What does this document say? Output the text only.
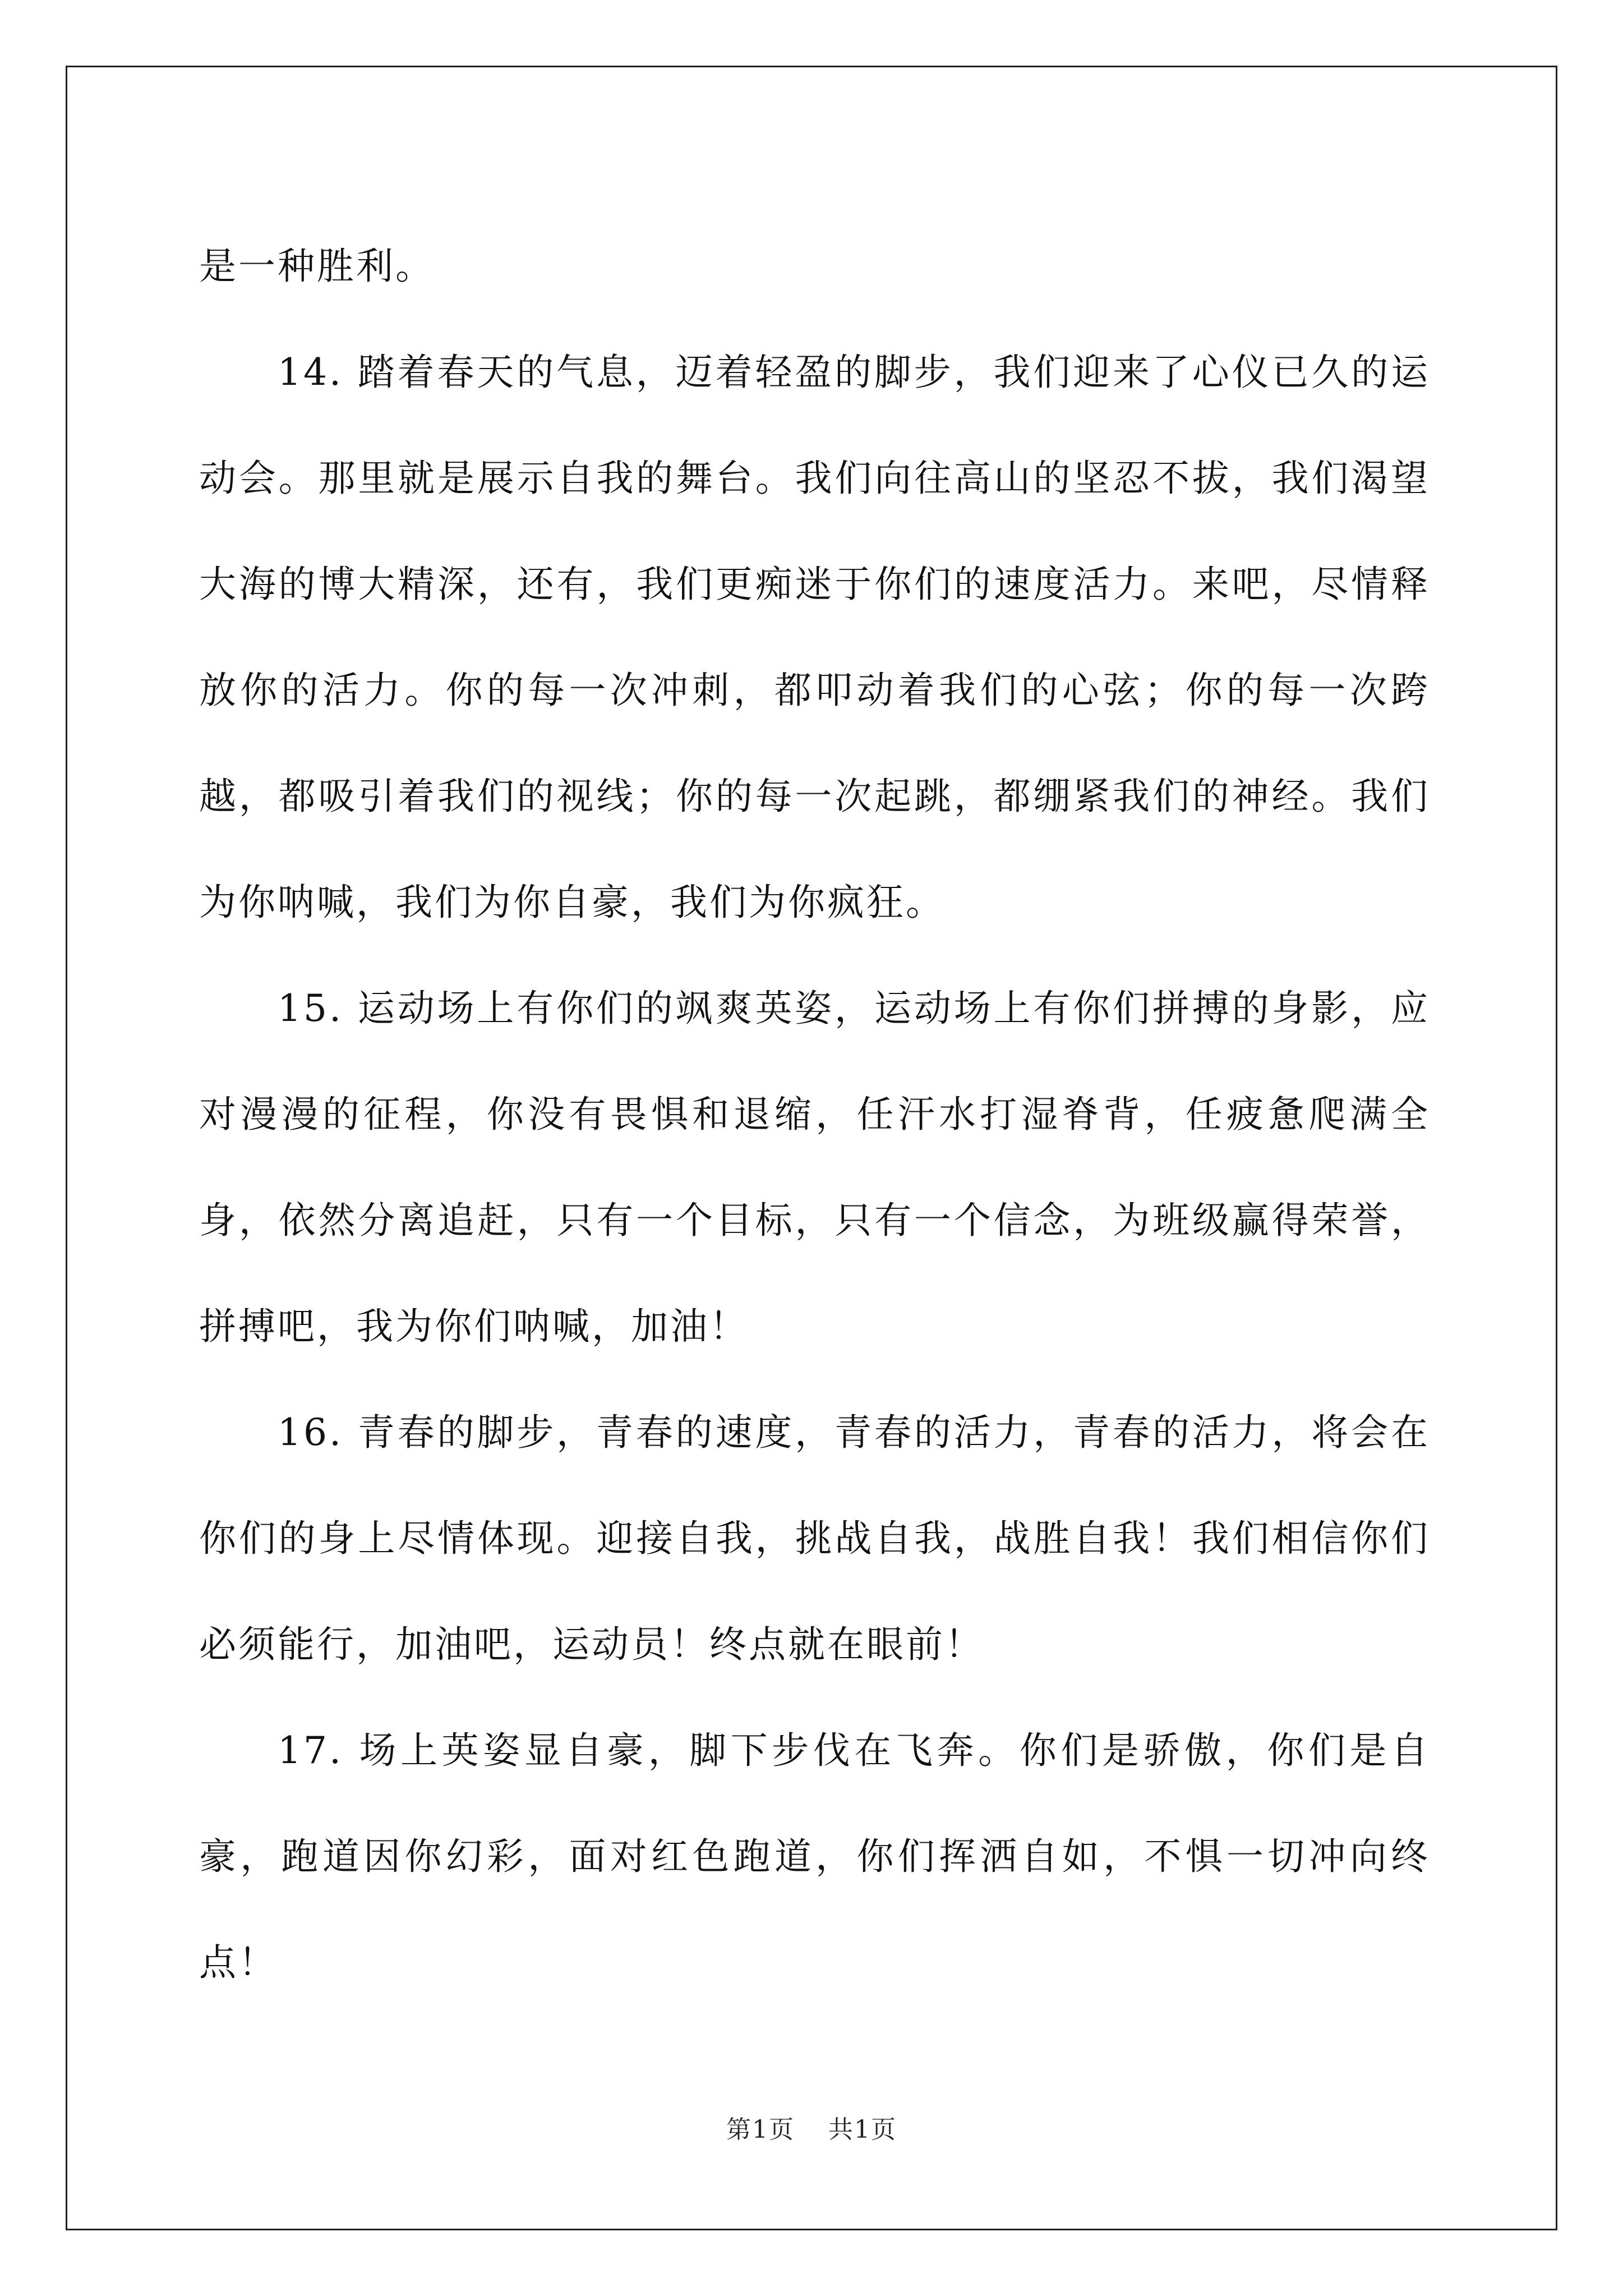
是一种胜利。

14. 踏着春天的气息，迈着轻盈的脚步，我们迎来了心仪已久的运动会。那里就是展示自我的舞台。我们向往高山的坚忍不拔，我们渴望大海的博大精深，还有，我们更痴迷于你们的速度活力。来吧，尽情释放你的活力。你的每一次冲刺，都叩动着我们的心弦；你的每一次跨越，都吸引着我们的视线；你的每一次起跳，都绷紧我们的神经。我们为你呐喊，我们为你自豪，我们为你疯狂。

15. 运动场上有你们的飒爽英姿，运动场上有你们拼搏的身影，应对漫漫的征程，你没有畏惧和退缩，任汗水打湿脊背，任疲惫爬满全身，依然分离追赶，只有一个目标，只有一个信念，为班级赢得荣誉，拼搏吧，我为你们呐喊，加油！

16. 青春的脚步，青春的速度，青春的活力，青春的活力，将会在你们的身上尽情体现。迎接自我，挑战自我，战胜自我！我们相信你们必须能行，加油吧，运动员！终点就在眼前！

17. 场上英姿显自豪，脚下步伐在飞奔。你们是骄傲，你们是自豪，跑道因你幻彩，面对红色跑道，你们挥洒自如，不惧一切冲向终点！

第1页 共1页
